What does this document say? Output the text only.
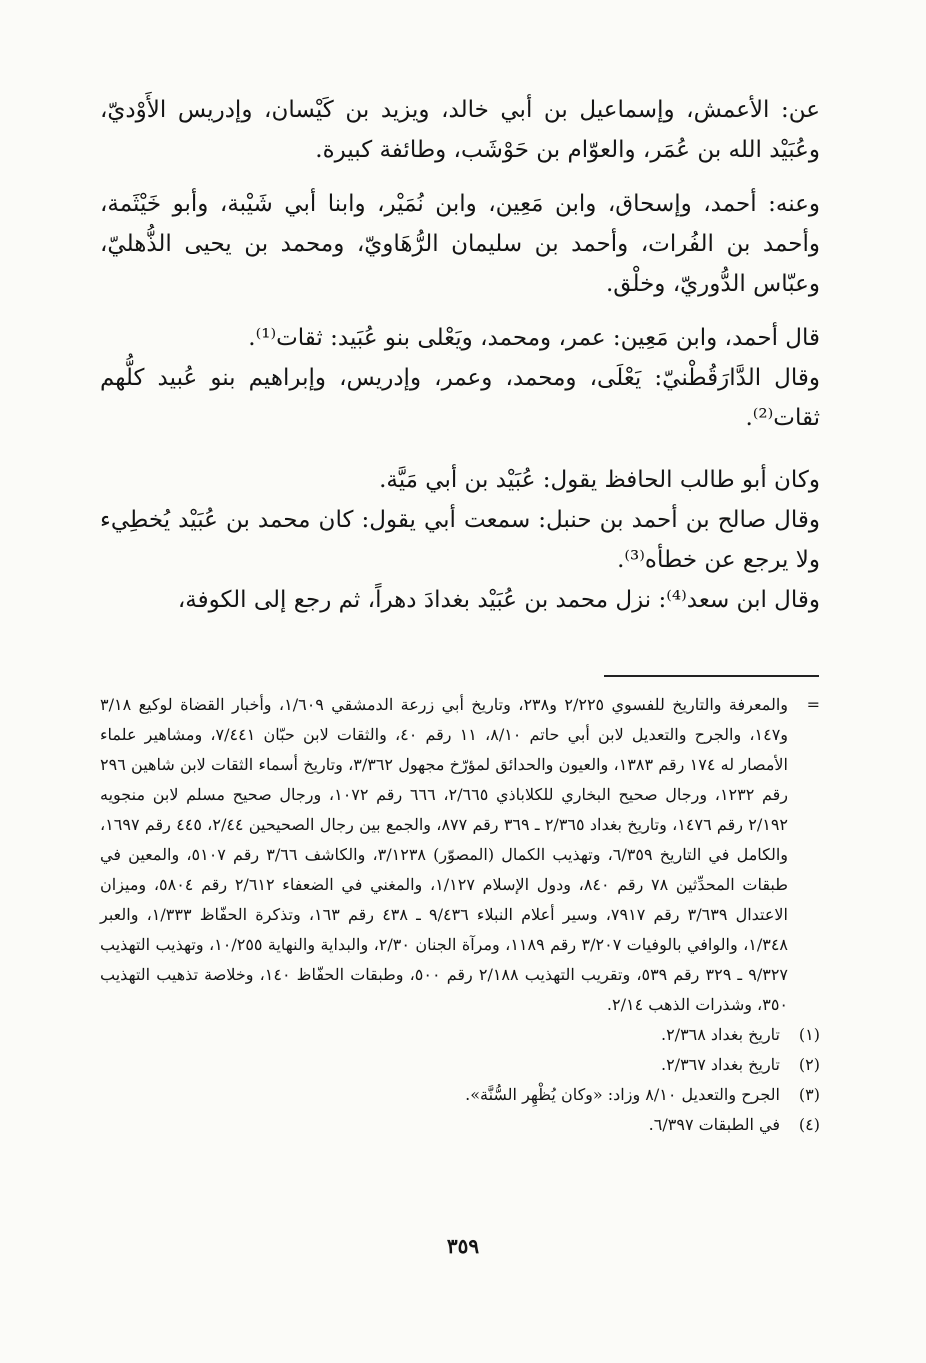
عن: الأعمش، وإسماعيل بن أبي خالد، ويزيد بن كَيْسان، وإدريس الأَوْديّ، وعُبَيْد الله بن عُمَر، والعوّام بن حَوْشَب، وطائفة كبيرة.

وعنه: أحمد، وإسحاق، وابن مَعِين، وابن نُمَيْر، وابنا أبي شَيْبة، وأبو خَيْثَمة، وأحمد بن الفُرات، وأحمد بن سليمان الرُّهَاويّ، ومحمد بن يحيى الذُّهليّ، وعبّاس الدُّوريّ، وخلْق.

قال أحمد، وابن مَعِين: عمر، ومحمد، ويَعْلى بنو عُبَيد: ثقات⁽¹⁾.

وقال الدَّارَقُطْنيّ: يَعْلَى، ومحمد، وعمر، وإدريس، وإبراهيم بنو عُبيد كلُّهم ثقات⁽²⁾.

وكان أبو طالب الحافظ يقول: عُبَيْد بن أبي مَيَّة.

وقال صالح بن أحمد بن حنبل: سمعت أبي يقول: كان محمد بن عُبَيْد يُخطِيء ولا يرجع عن خطأه⁽³⁾.

وقال ابن سعد⁽⁴⁾: نزل محمد بن عُبَيْد بغدادَ دهراً، ثم رجع إلى الكوفة،

=
والمعرفة والتاريخ للفسوي ٢/٢٢٥ و٢٣٨، وتاريخ أبي زرعة الدمشقي ١/٦٠٩، وأخبار القضاة لوكيع ٣/١٨ و١٤٧، والجرح والتعديل لابن أبي حاتم ٨/١٠، ١١ رقم ٤٠، والثقات لابن حبّان ٧/٤٤١، ومشاهير علماء الأمصار له ١٧٤ رقم ١٣٨٣، والعيون والحدائق لمؤرّخ مجهول ٣/٣٦٢، وتاريخ أسماء الثقات لابن شاهين ٢٩٦ رقم ١٢٣٢، ورجال صحيح البخاري للكلاباذي ٢/٦٦٥، ٦٦٦ رقم ١٠٧٢، ورجال صحيح مسلم لابن منجويه ٢/١٩٢ رقم ١٤٧٦، وتاريخ بغداد ٢/٣٦٥ ـ ٣٦٩ رقم ٨٧٧، والجمع بين رجال الصحيحين ٢/٤٤، ٤٤٥ رقم ١٦٩٧، والكامل في التاريخ ٦/٣٥٩، وتهذيب الكمال (المصوّر) ٣/١٢٣٨، والكاشف ٣/٦٦ رقم ٥١٠٧، والمعين في طبقات المحدِّثين ٧٨ رقم ٨٤٠، ودول الإسلام ١/١٢٧، والمغني في الضعفاء ٢/٦١٢ رقم ٥٨٠٤، وميزان الاعتدال ٣/٦٣٩ رقم ٧٩١٧، وسير أعلام النبلاء ٩/٤٣٦ ـ ٤٣٨ رقم ١٦٣، وتذكرة الحفّاظ ١/٣٣٣، والعبر ١/٣٤٨، والوافي بالوفيات ٣/٢٠٧ رقم ١١٨٩، ومرآة الجنان ٢/٣٠، والبداية والنهاية ١٠/٢٥٥، وتهذيب التهذيب ٩/٣٢٧ ـ ٣٢٩ رقم ٥٣٩، وتقريب التهذيب ٢/١٨٨ رقم ٥٠٠، وطبقات الحفّاظ ١٤٠، وخلاصة تذهيب التهذيب ٣٥٠، وشذرات الذهب ٢/١٤.

(١)
تاريخ بغداد ٢/٣٦٨.

(٢)
تاريخ بغداد ٢/٣٦٧.

(٣)
الجرح والتعديل ٨/١٠ وزاد: «وكان يُظْهِر السُّنَّة».

(٤)
في الطبقات ٦/٣٩٧.

٣٥٩
